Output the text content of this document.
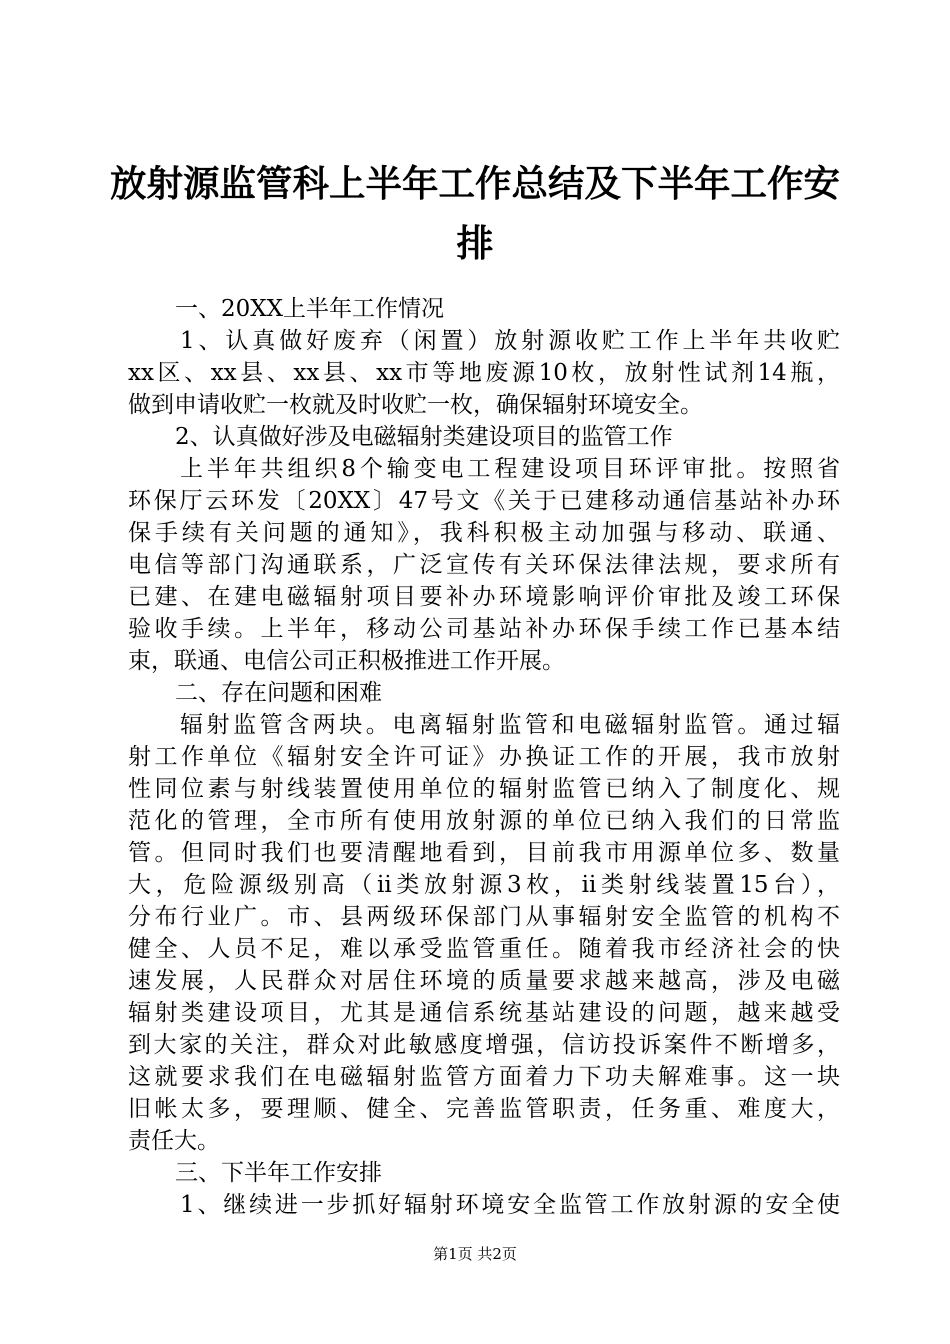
放射源监管科上半年工作总结及下半年工作安
排
一、20XX上半年工作情况
1、认真做好废弃（闲置）放射源收贮工作上半年共收贮
xx区、xx县、xx县、xx市等地废源10枚，放射性试剂14瓶，
做到申请收贮一枚就及时收贮一枚，确保辐射环境安全。
2、认真做好涉及电磁辐射类建设项目的监管工作
上半年共组织8个输变电工程建设项目环评审批。按照省
环保厅云环发〔20XX〕47号文《关于已建移动通信基站补办环
保手续有关问题的通知》，我科积极主动加强与移动、联通、
电信等部门沟通联系，广泛宣传有关环保法律法规，要求所有
已建、在建电磁辐射项目要补办环境影响评价审批及竣工环保
验收手续。上半年，移动公司基站补办环保手续工作已基本结
束，联通、电信公司正积极推进工作开展。
二、存在问题和困难
辐射监管含两块。电离辐射监管和电磁辐射监管。通过辐
射工作单位《辐射安全许可证》办换证工作的开展，我市放射
性同位素与射线装置使用单位的辐射监管已纳入了制度化、规
范化的管理，全市所有使用放射源的单位已纳入我们的日常监
管。但同时我们也要清醒地看到，目前我市用源单位多、数量
大，危险源级别高（ⅱ类放射源3枚，ⅱ类射线装置15台），
分布行业广。市、县两级环保部门从事辐射安全监管的机构不
健全、人员不足，难以承受监管重任。随着我市经济社会的快
速发展，人民群众对居住环境的质量要求越来越高，涉及电磁
辐射类建设项目，尤其是通信系统基站建设的问题，越来越受
到大家的关注，群众对此敏感度增强，信访投诉案件不断增多，
这就要求我们在电磁辐射监管方面着力下功夫解难事。这一块
旧帐太多，要理顺、健全、完善监管职责，任务重、难度大，
责任大。
三、下半年工作安排
1、继续进一步抓好辐射环境安全监管工作放射源的安全使
第1页 共2页
